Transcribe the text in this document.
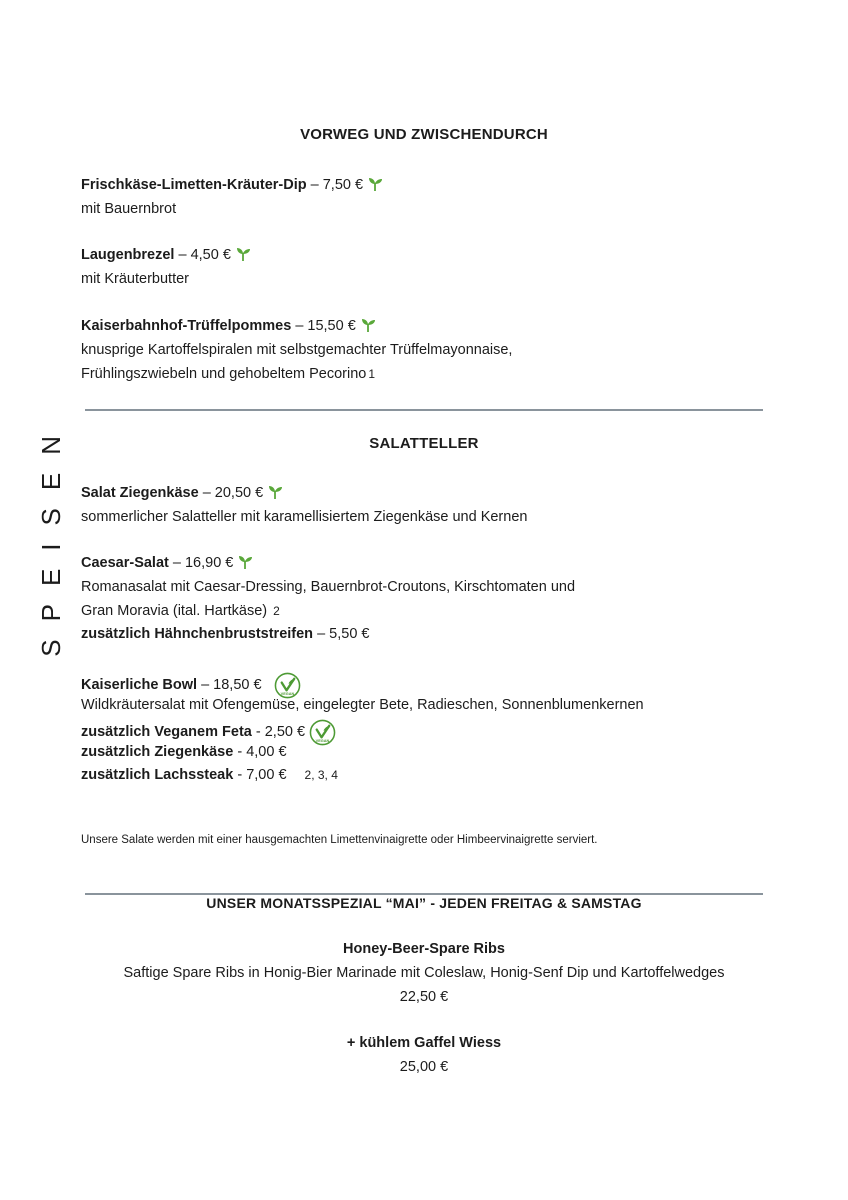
SPEISEN
VORWEG UND ZWISCHENDURCH
Frischkäse-Limetten-Kräuter-Dip – 7,50 €
mit Bauernbrot
Laugenbrezel – 4,50 €
mit Kräuterbutter
Kaiserbahnhof-Trüffelpommes – 15,50 €
knusprige Kartoffelspiralen mit selbstgemachter Trüffelmayonnaise,
Frühlingszwiebeln und gehobeltem Pecorino 1
SALATTELLER
Salat Ziegenkäse – 20,50 €
sommerlicher Salatteller mit karamellisiertem Ziegenkäse und Kernen
Caesar-Salat – 16,90 €
Romanasalat mit Caesar-Dressing, Bauernbrot-Croutons, Kirschtomaten und
Gran Moravia (ital. Hartkäse) 2
zusätzlich Hähnchenbruststreifen – 5,50 €
Kaiserliche Bowl – 18,50 €
VEGAN
Wildkräutersalat mit Ofengemüse, eingelegter Bete, Radieschen, Sonnenblumenkernen
zusätzlich Veganem Feta - 2,50 €
VEGAN
zusätzlich Ziegenkäse - 4,00 €
zusätzlich Lachssteak - 7,00 € 2, 3, 4
Unsere Salate werden mit einer hausgemachten Limettenvinaigrette oder Himbeervinaigrette serviert.
UNSER MONATSSPEZIAL “MAI” - JEDEN FREITAG & SAMSTAG
Honey-Beer-Spare Ribs
Saftige Spare Ribs in Honig-Bier Marinade mit Coleslaw, Honig-Senf Dip und Kartoffelwedges
22,50 €
+ kühlem Gaffel Wiess
25,00 €
